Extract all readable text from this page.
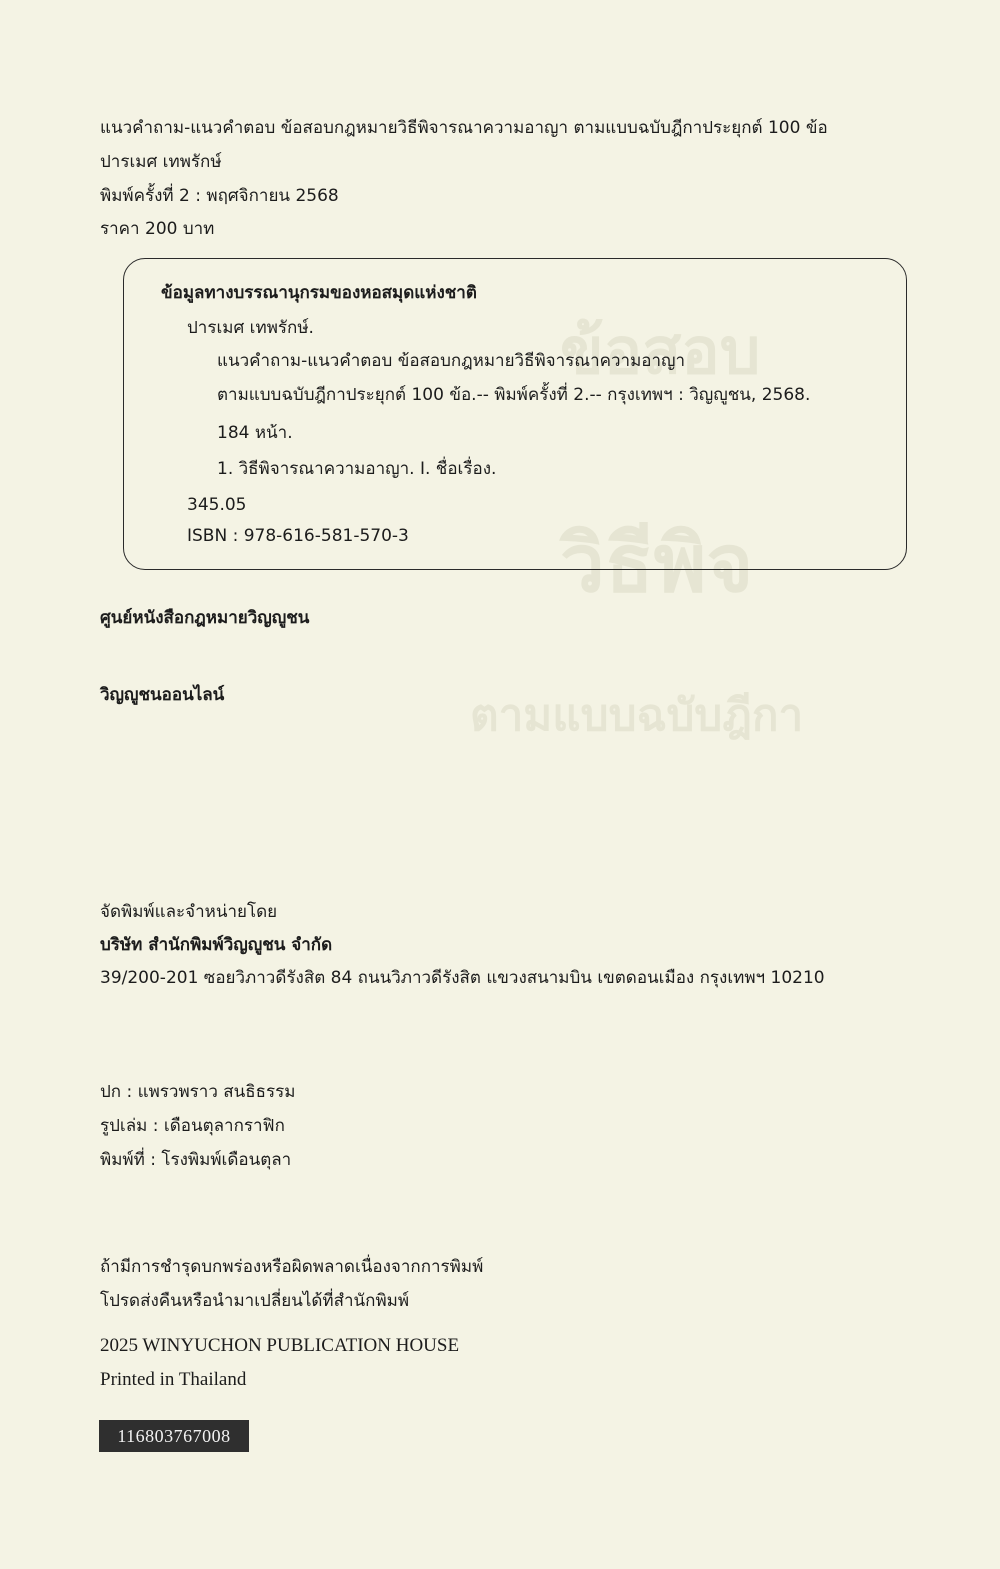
ข้อสอบ
วิธีพิจ
ตามแบบฉบับฎีกา
แนวคำถาม-แนวคำตอบ ข้อสอบกฎหมายวิธีพิจารณาความอาญา ตามแบบฉบับฎีกาประยุกต์ 100 ข้อ
ปารเมศ เทพรักษ์
พิมพ์ครั้งที่ 2 : พฤศจิกายน 2568
ราคา 200 บาท
ข้อมูลทางบรรณานุกรมของหอสมุดแห่งชาติ
ปารเมศ เทพรักษ์.
แนวคำถาม-แนวคำตอบ ข้อสอบกฎหมายวิธีพิจารณาความอาญา
ตามแบบฉบับฎีกาประยุกต์ 100 ข้อ.-- พิมพ์ครั้งที่ 2.-- กรุงเทพฯ : วิญญูชน, 2568.
184 หน้า.
1. วิธีพิจารณาความอาญา. I. ชื่อเรื่อง.
345.05
ISBN : 978-616-581-570-3
ศูนย์หนังสือกฎหมายวิญญูชน
วิญญูชนออนไลน์
จัดพิมพ์และจำหน่ายโดย
บริษัท สำนักพิมพ์วิญญูชน จำกัด
39/200-201 ซอยวิภาวดีรังสิต 84 ถนนวิภาวดีรังสิต แขวงสนามบิน เขตดอนเมือง กรุงเทพฯ 10210
ปก : แพรวพราว สนธิธรรม
รูปเล่ม : เดือนตุลากราฟิก
พิมพ์ที่ : โรงพิมพ์เดือนตุลา
ถ้ามีการชำรุดบกพร่องหรือผิดพลาดเนื่องจากการพิมพ์
โปรดส่งคืนหรือนำมาเปลี่ยนได้ที่สำนักพิมพ์
2025 WINYUCHON PUBLICATION HOUSE
Printed in Thailand
116803767008
